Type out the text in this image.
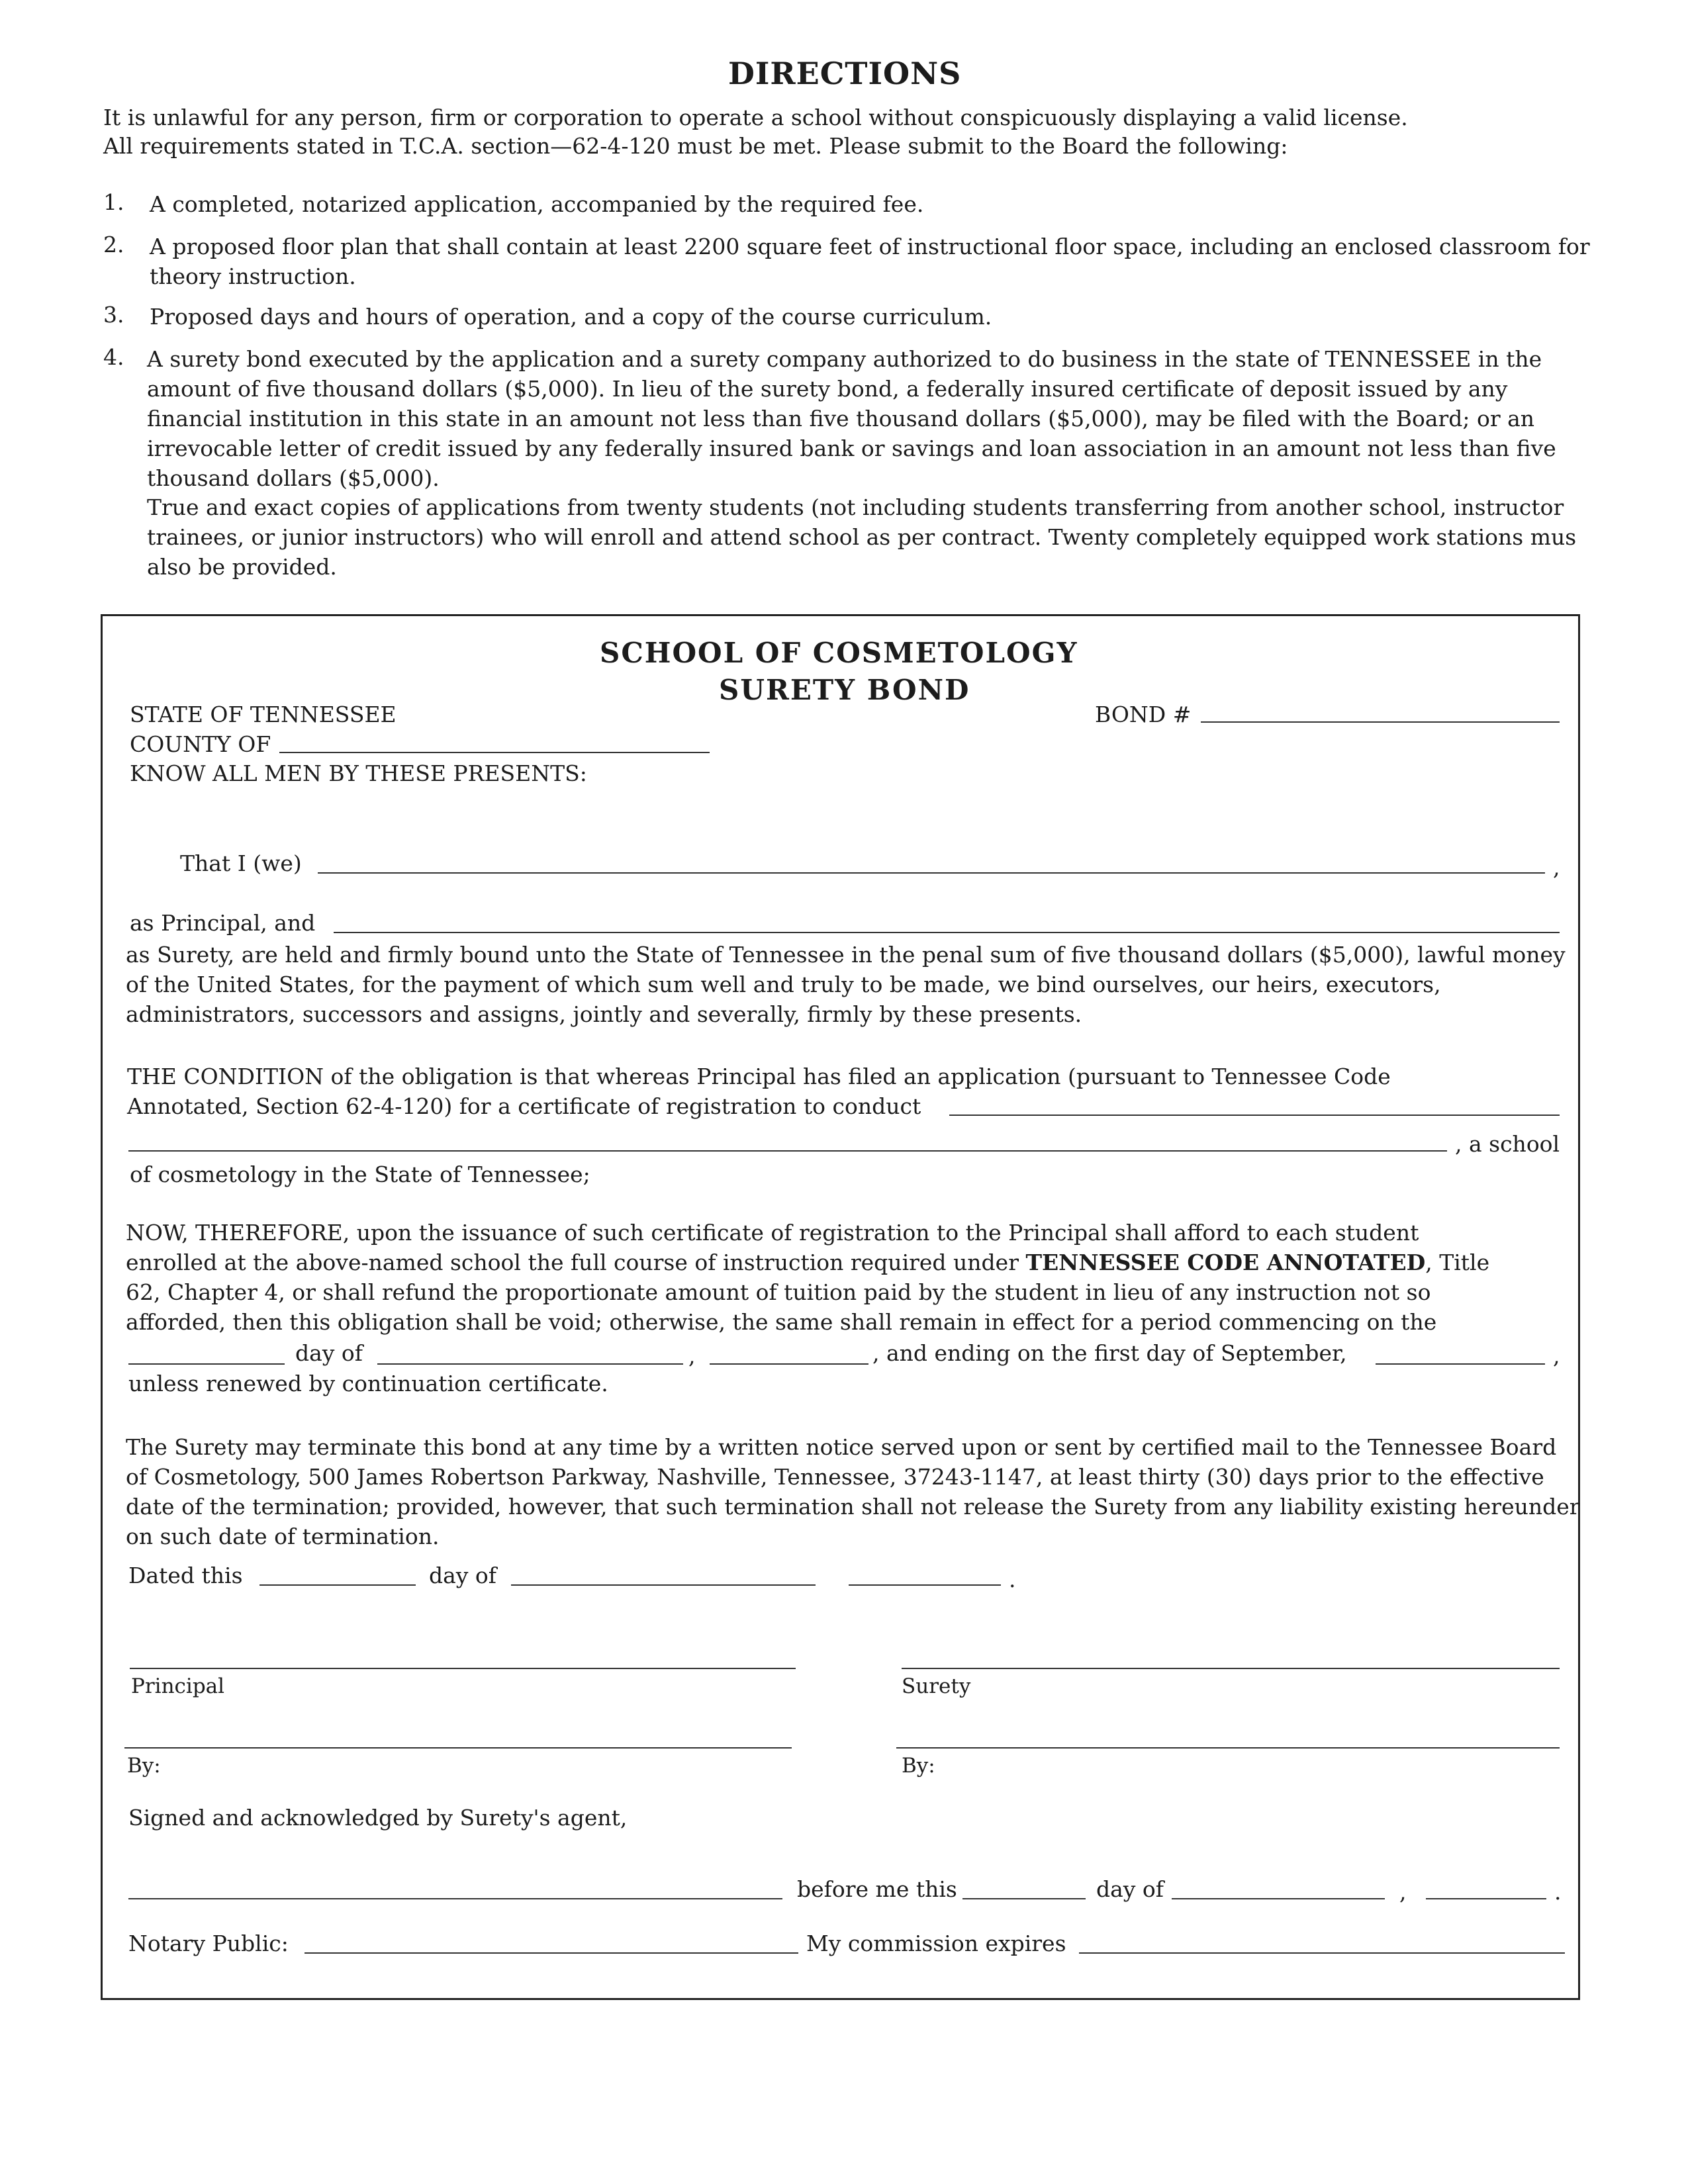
DIRECTIONS
It is unlawful for any person, firm or corporation to operate a school without conspicuously displaying a valid license.
All requirements stated in T.C.A. section—62-4-120 must be met. Please submit to the Board the following:
1. A completed, notarized application, accompanied by the required fee.
2. A proposed floor plan that shall contain at least 2200 square feet of instructional floor space, including an enclosed classroom for theory instruction.
3. Proposed days and hours of operation, and a copy of the course curriculum.
4. A surety bond executed by the application and a surety company authorized to do business in the state of TENNESSEE in the amount of five thousand dollars ($5,000). In lieu of the surety bond, a federally insured certificate of deposit issued by any financial institution in this state in an amount not less than five thousand dollars ($5,000), may be filed with the Board; or an irrevocable letter of credit issued by any federally insured bank or savings and loan association in an amount not less than five thousand dollars ($5,000).
True and exact copies of applications from twenty students (not including students transferring from another school, instructor trainees, or junior instructors) who will enroll and attend school as per contract. Twenty completely equipped work stations mus also be provided.
SCHOOL OF COSMETOLOGY
SURETY BOND
STATE OF TENNESSEE	BOND #
COUNTY OF
KNOW ALL MEN BY THESE PRESENTS:
That I (we)	,
as Principal, and
as Surety, are held and firmly bound unto the State of Tennessee in the penal sum of five thousand dollars ($5,000), lawful money of the United States, for the payment of which sum well and truly to be made, we bind ourselves, our heirs, executors, administrators, successors and assigns, jointly and severally, firmly by these presents.
THE CONDITION of the obligation is that whereas Principal has filed an application (pursuant to Tennessee Code
Annotated, Section 62-4-120) for a certificate of registration to conduct
, a school
of cosmetology in the State of Tennessee;
NOW, THEREFORE, upon the issuance of such certificate of registration to the Principal shall afford to each student
enrolled at the above-named school the full course of instruction required under TENNESSEE CODE ANNOTATED, Title
62, Chapter 4, or shall refund the proportionate amount of tuition paid by the student in lieu of any instruction not so
afforded, then this obligation shall be void; otherwise, the same shall remain in effect for a period commencing on the
day of	,	, and ending on the first day of September,	,
unless renewed by continuation certificate.
The Surety may terminate this bond at any time by a written notice served upon or sent by certified mail to the Tennessee Board of Cosmetology, 500 James Robertson Parkway, Nashville, Tennessee, 37243-1147, at least thirty (30) days prior to the effective date of the termination; provided, however, that such termination shall not release the Surety from any liability existing hereunder on such date of termination.
Dated this	day of	.
Principal	Surety
By:	By:
Signed and acknowledged by Surety's agent,
before me this	day of	,	.
Notary Public:	My commission expires
